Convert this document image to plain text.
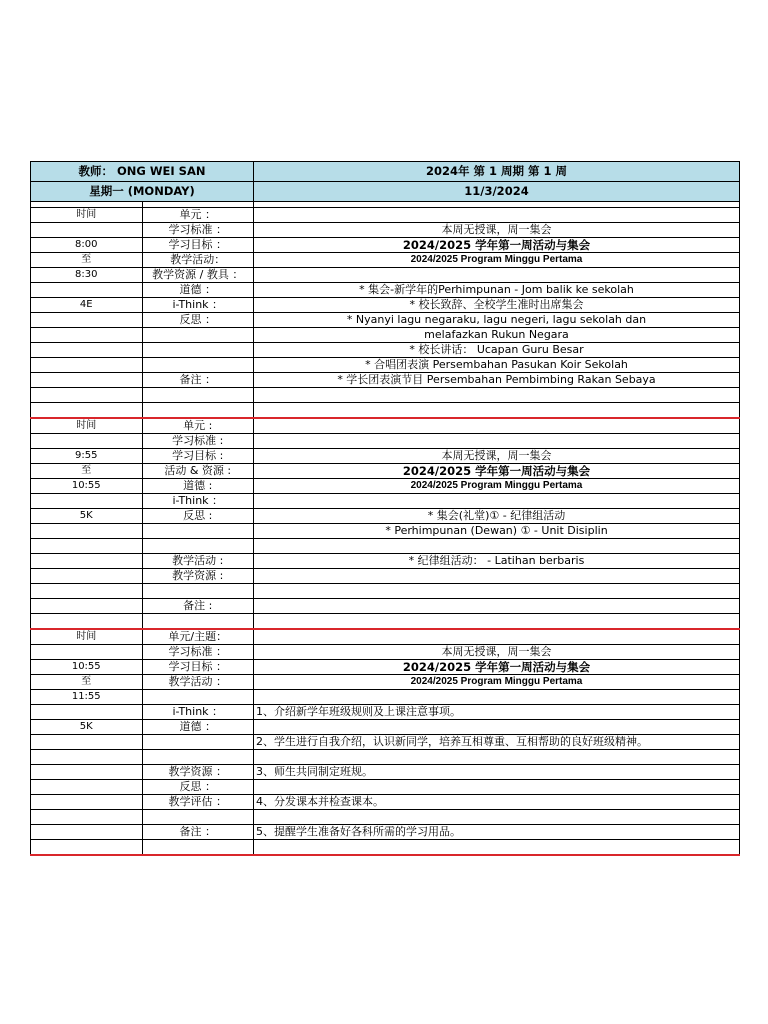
教师： ONG WEI SAN		2024年 第 1 周期 第 1 周
星期一 (MONDAY)		11/3/2024

时间	单元 ：	
	学习标准 ：	本周无授课，周一集会
8:00	学习目标 ：	2024/2025 学年第一周活动与集会
至	教学活动：	2024/2025 Program Minggu Pertama
8:30	教学资源 / 教具 ：	
	道德 ：	* 集会-新学年的Perhimpunan - Jom balik ke sekolah
4E	i-Think ：	* 校长致辞、全校学生准时出席集会
	反思 ：	* Nyanyi lagu negaraku, lagu negeri, lagu sekolah dan
		melafazkan Rukun Negara
		* 校长讲话： Ucapan Guru Besar
		* 合唱团表演 Persembahan Pasukan Koir Sekolah
	备注 ：	* 学长团表演节目 Persembahan Pembimbing Rakan Sebaya

时间	单元 :	
	学习标准 :	
9:55	学习目标 :	本周无授课，周一集会
至	活动 & 资源 :	2024/2025 学年第一周活动与集会
10:55	道德 :	2024/2025 Program Minggu Pertama
	i-Think ：	
5K	反思 :	* 集会(礼堂)① - 纪律组活动
		* Perhimpunan (Dewan) ① - Unit Disiplin

	教学活动 :	* 纪律组活动： - Latihan berbaris
	教学资源 :	

	备注 :	

时间	单元/主题：	
	学习标准 ：	本周无授课，周一集会
10:55	学习目标 ：	2024/2025 学年第一周活动与集会
至	教学活动 ：	2024/2025 Program Minggu Pertama
11:55		
	i-Think ：	1、介绍新学年班级规则及上课注意事项。
5K	道德 ：	
		2、学生进行自我介绍，认识新同学，培养互相尊重、互相帮助的良好班级精神。

	教学资源 ：	3、师生共同制定班规。
	反思 ：	
	教学评估 ：	4、分发课本并检查课本。

	备注 ：	5、提醒学生准备好各科所需的学习用品。
